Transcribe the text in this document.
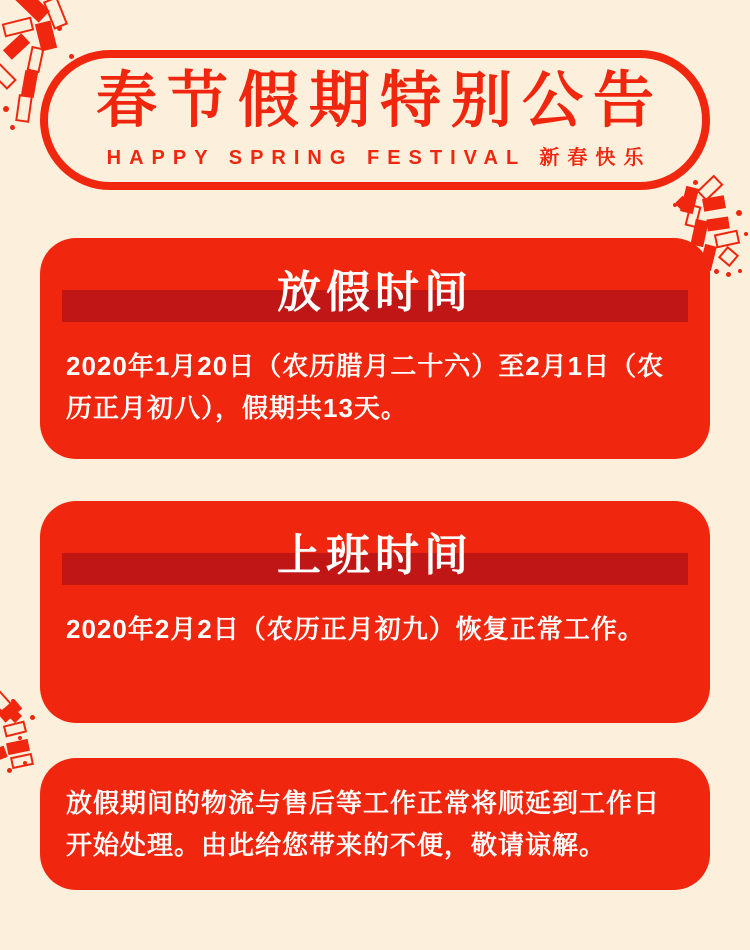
春节假期特别公告
HAPPY SPRING FESTIVAL 新春快乐
放假时间

2020年1月20日（农历腊月二十六）至2月1日（农历正月初八），假期共13天。

上班时间

2020年2月2日（农历正月初九）恢复正常工作。

放假期间的物流与售后等工作正常将顺延到工作日开始处理。由此给您带来的不便，敬请谅解。
